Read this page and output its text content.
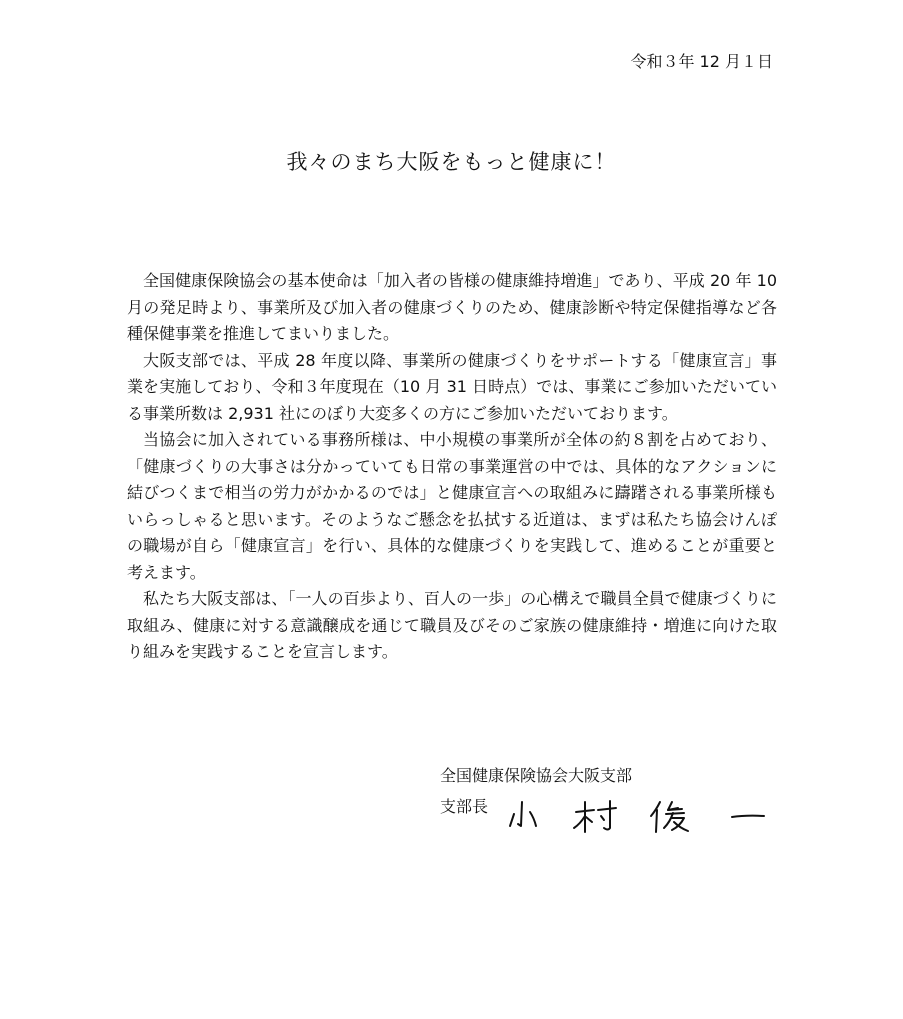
令和３年 12 月１日
我々のまち大阪をもっと健康に！

全国健康保険協会の基本使命は「加入者の皆様の健康維持増進」であり、平成 20 年 10 月の発足時より、事業所及び加入者の健康づくりのため、健康診断や特定保健指導など各種保健事業を推進してまいりました。

大阪支部では、平成 28 年度以降、事業所の健康づくりをサポートする「健康宣言」事業を実施しており、令和３年度現在（10 月 31 日時点）では、事業にご参加いただいている事業所数は 2,931 社にのぼり大変多くの方にご参加いただいております。

当協会に加入されている事務所様は、中小規模の事業所が全体の約８割を占めており、「健康づくりの大事さは分かっていても日常の事業運営の中では、具体的なアクションに結びつくまで相当の労力がかかるのでは」と健康宣言への取組みに躊躇される事業所様もいらっしゃると思います。そのようなご懸念を払拭する近道は、まずは私たち協会けんぽの職場が自ら「健康宣言」を行い、具体的な健康づくりを実践して、進めることが重要と考えます。

私たち大阪支部は、「一人の百歩より、百人の一歩」の心構えで職員全員で健康づくりに取組み、健康に対する意識醸成を通じて職員及びそのご家族の健康維持・増進に向けた取り組みを実践することを宣言します。

全国健康保険協会大阪支部
支部長
